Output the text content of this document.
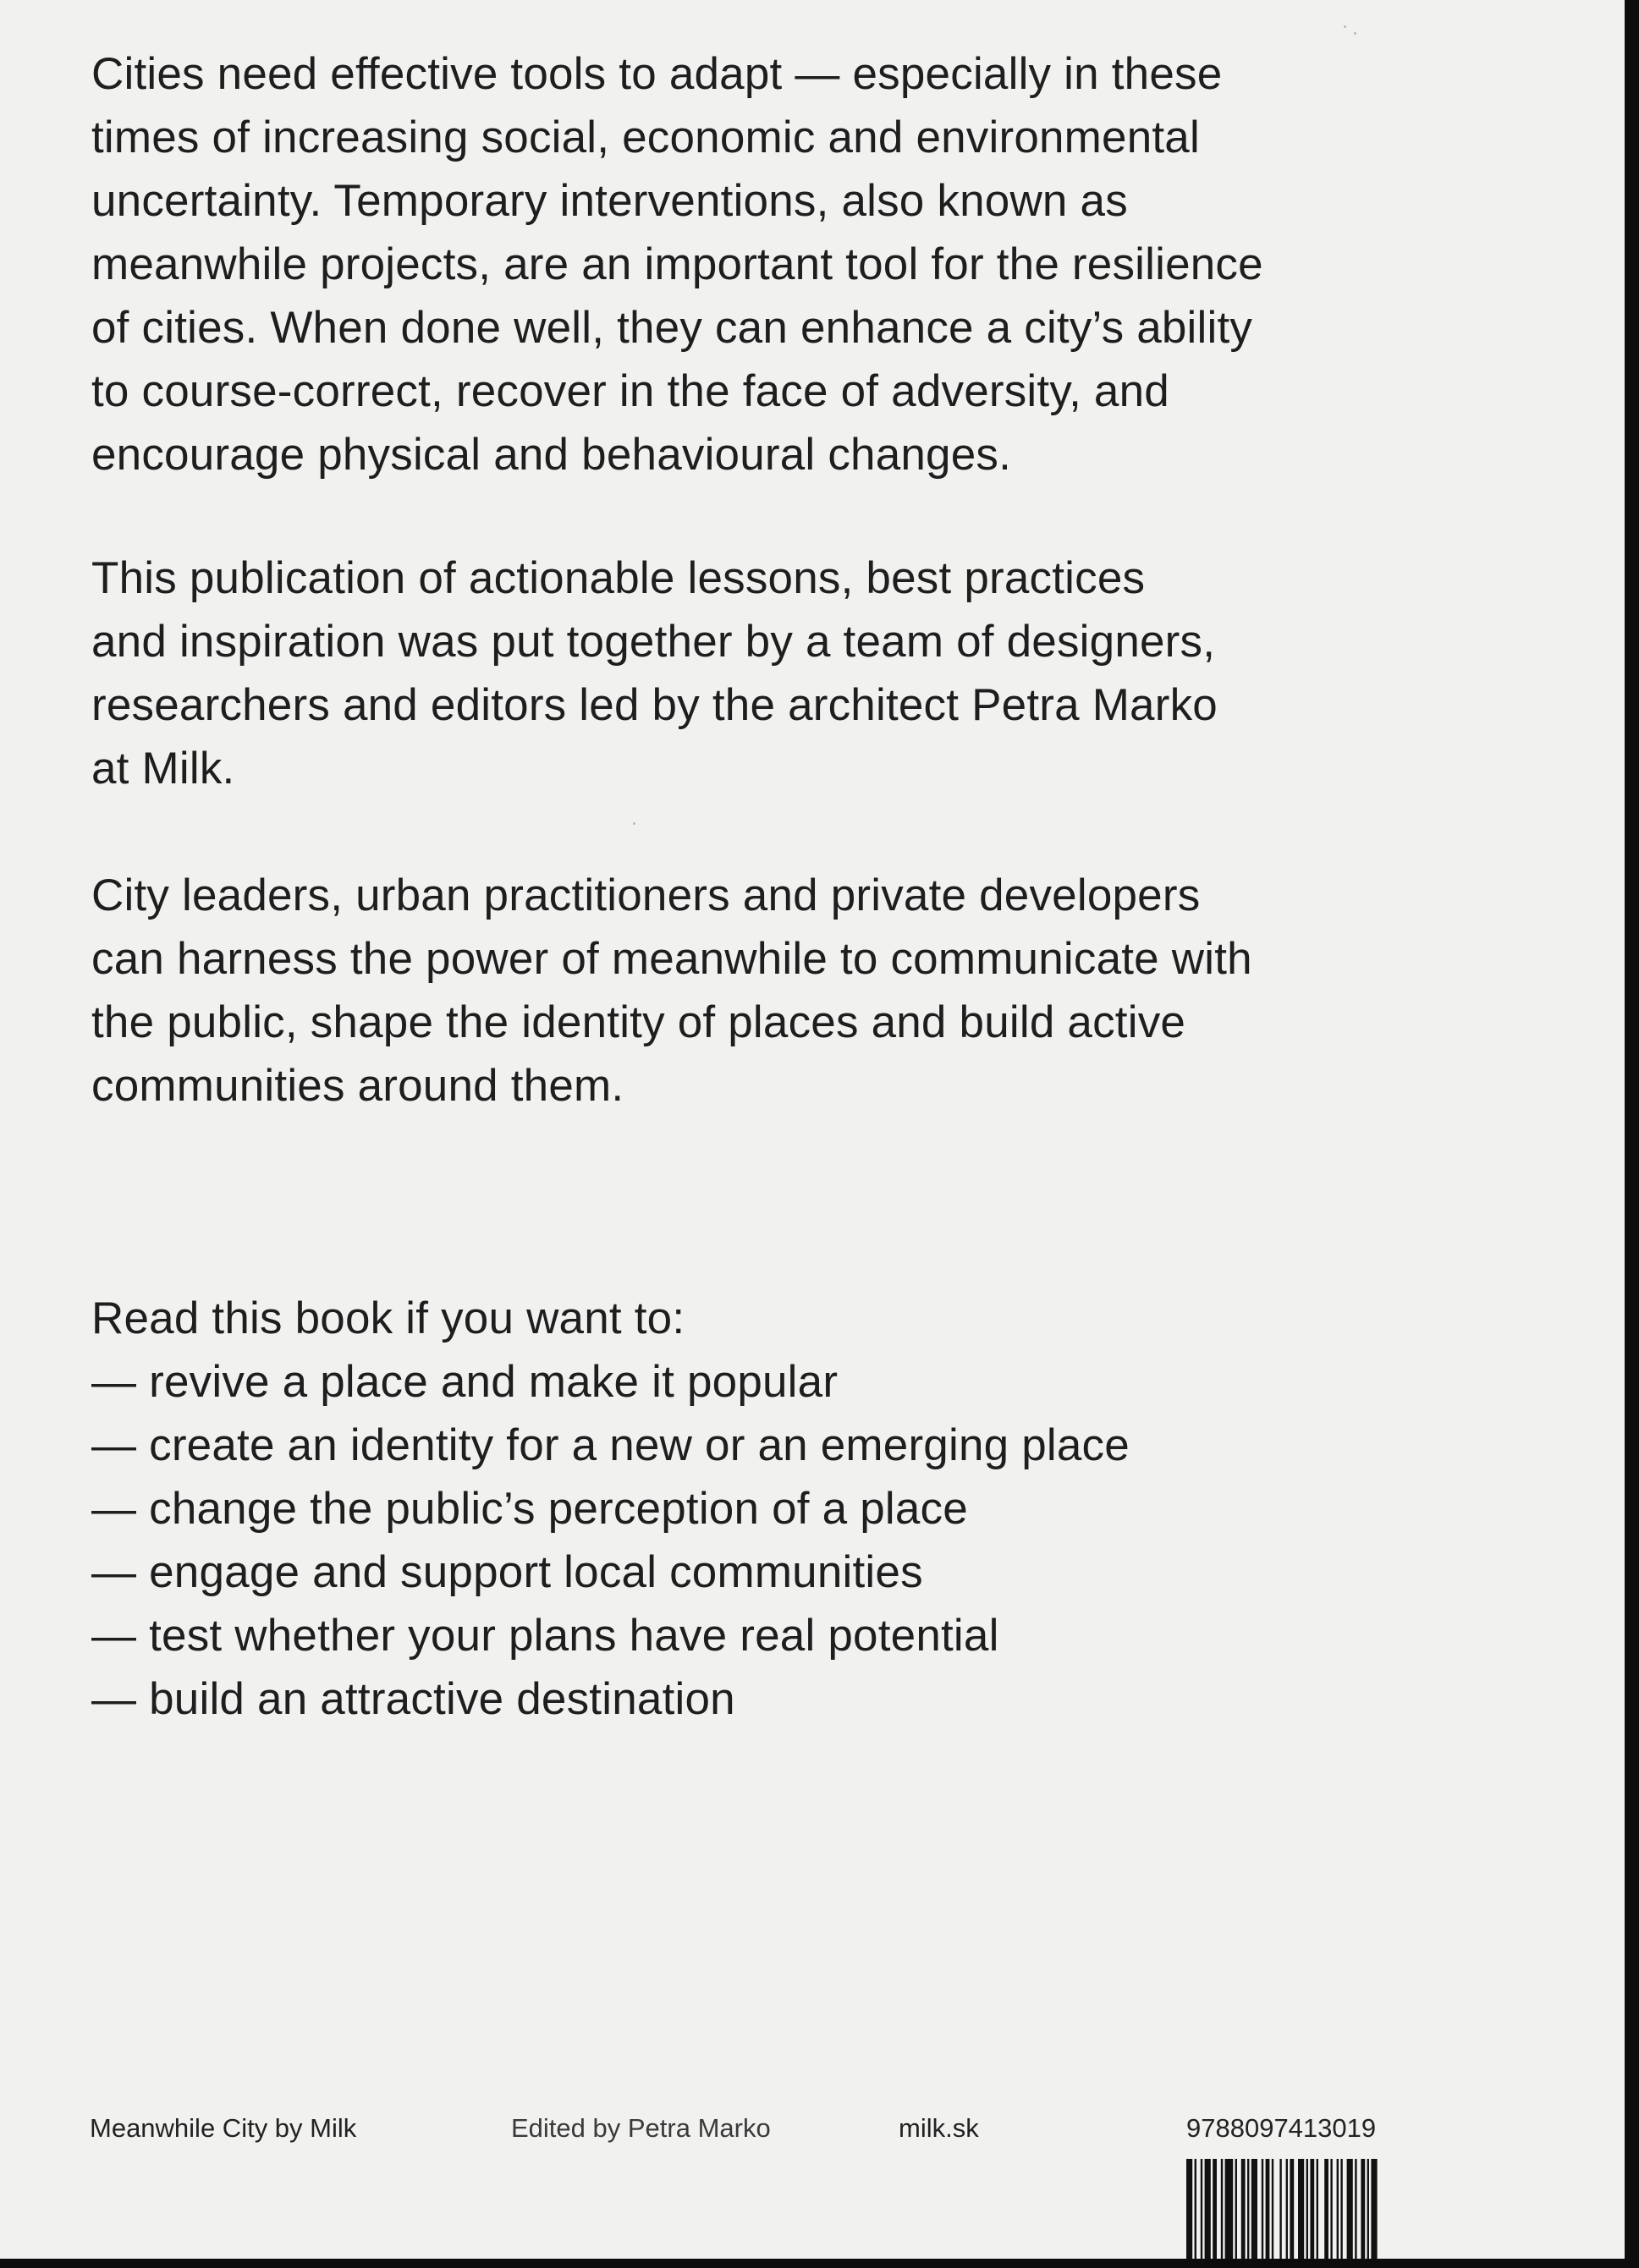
Cities need effective tools to adapt — especially in these
times of increasing social, economic and environmental
uncertainty. Temporary interventions, also known as
meanwhile projects, are an important tool for the resilience
of cities. When done well, they can enhance a city’s ability
to course-correct, recover in the face of adversity, and
encourage physical and behavioural changes.
This publication of actionable lessons, best practices
and inspiration was put together by a team of designers,
researchers and editors led by the architect Petra Marko
at Milk.
City leaders, urban practitioners and private developers
can harness the power of meanwhile to communicate with
the public, shape the identity of places and build active
communities around them.
Read this book if you want to:
— revive a place and make it popular
— create an identity for a new or an emerging place
— change the public’s perception of a place
— engage and support local communities
— test whether your plans have real potential
— build an attractive destination
Meanwhile City by Milk	Edited by Petra Marko	milk.sk	9788097413019
